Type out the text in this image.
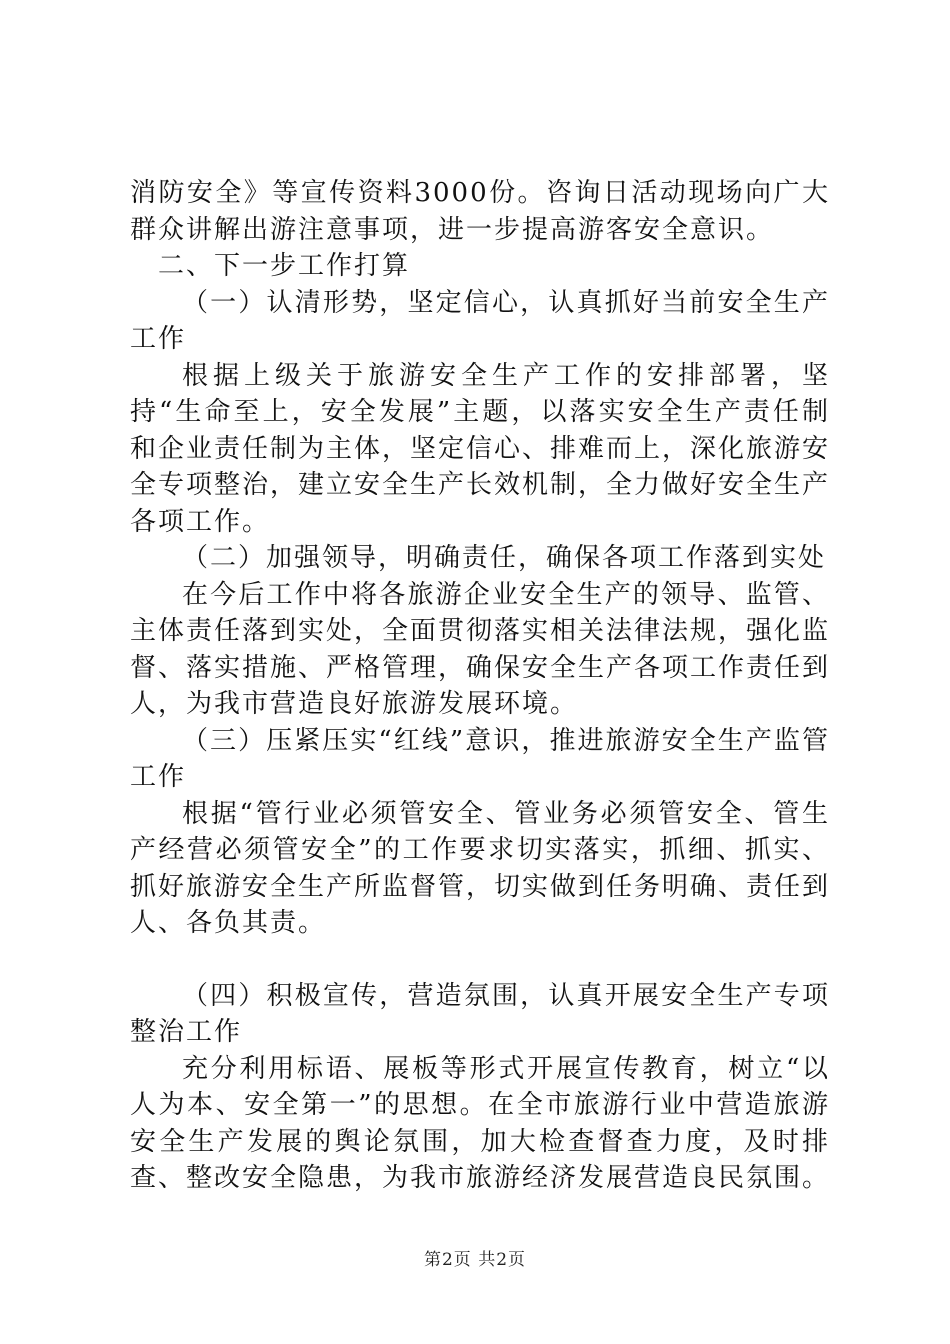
消防安全》等宣传资料3000份。咨询日活动现场向广大群众讲解出游注意事项，进一步提高游客安全意识。

二、下一步工作打算

（一）认清形势，坚定信心，认真抓好当前安全生产工作

根据上级关于旅游安全生产工作的安排部署，坚持“生命至上，安全发展”主题，以落实安全生产责任制和企业责任制为主体，坚定信心、排难而上，深化旅游安全专项整治，建立安全生产长效机制，全力做好安全生产各项工作。

（二）加强领导，明确责任，确保各项工作落到实处

在今后工作中将各旅游企业安全生产的领导、监管、主体责任落到实处，全面贯彻落实相关法律法规，强化监督、落实措施、严格管理，确保安全生产各项工作责任到人，为我市营造良好旅游发展环境。

（三）压紧压实“红线”意识，推进旅游安全生产监管工作

根据“管行业必须管安全、管业务必须管安全、管生产经营必须管安全”的工作要求切实落实，抓细、抓实、抓好旅游安全生产所监督管，切实做到任务明确、责任到人、各负其责。

（四）积极宣传，营造氛围，认真开展安全生产专项整治工作

充分利用标语、展板等形式开展宣传教育，树立“以人为本、安全第一”的思想。在全市旅游行业中营造旅游安全生产发展的舆论氛围，加大检查督查力度，及时排查、整改安全隐患，为我市旅游经济发展营造良民氛围。

第2页 共2页
